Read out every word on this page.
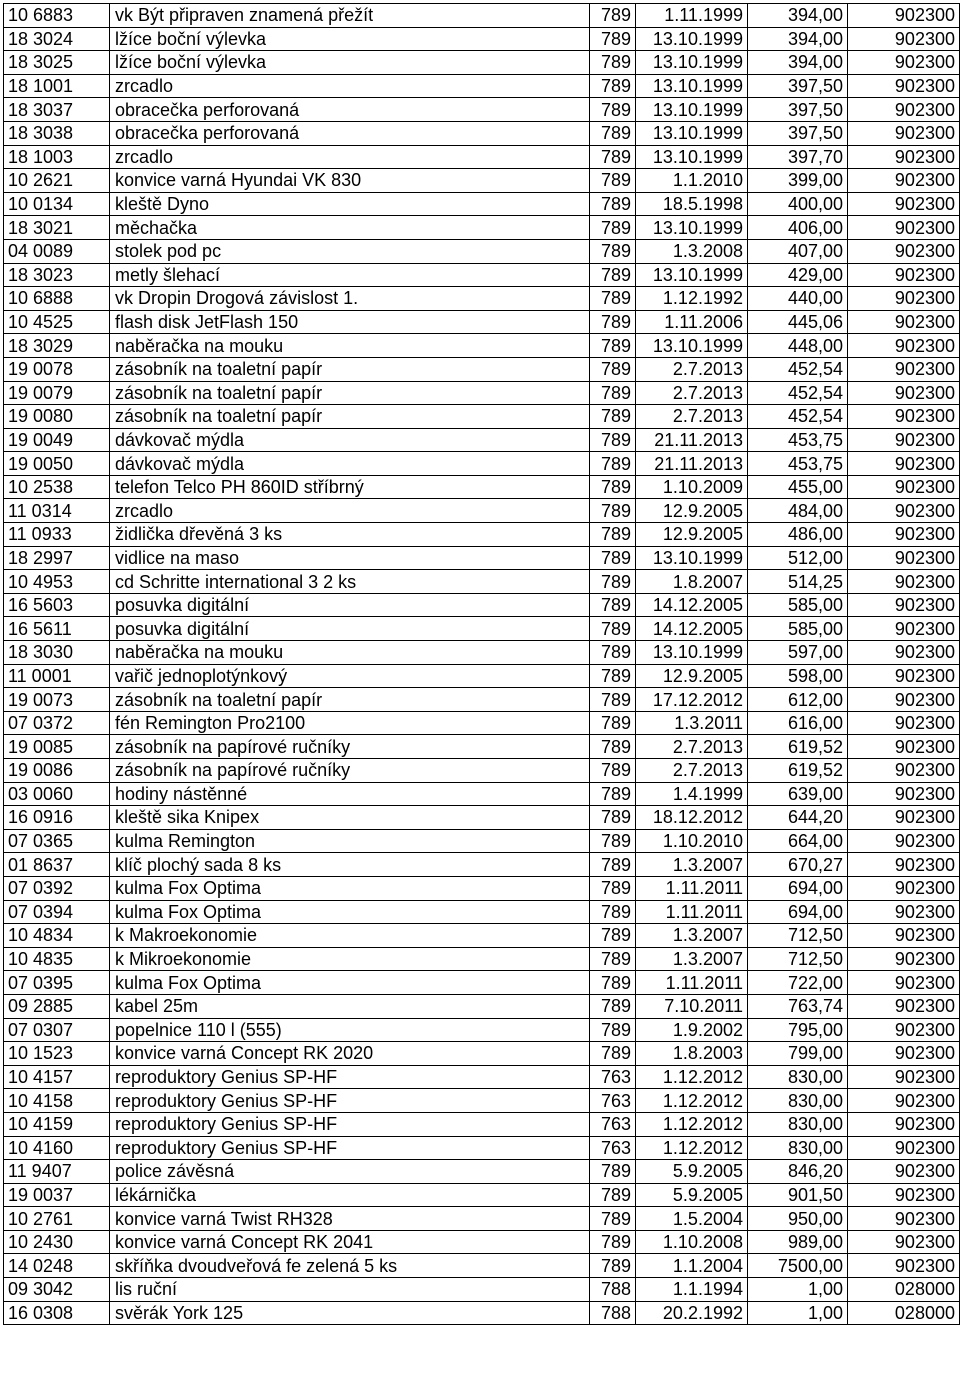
10 6883	vk Být připraven znamená přežít	789	1.11.1999	394,00	902300
18 3024	lžíce boční výlevka	789	13.10.1999	394,00	902300
18 3025	lžíce boční výlevka	789	13.10.1999	394,00	902300
18 1001	zrcadlo	789	13.10.1999	397,50	902300
18 3037	obracečka perforovaná	789	13.10.1999	397,50	902300
18 3038	obracečka perforovaná	789	13.10.1999	397,50	902300
18 1003	zrcadlo	789	13.10.1999	397,70	902300
10 2621	konvice varná Hyundai VK 830	789	1.1.2010	399,00	902300
10 0134	kleště Dyno	789	18.5.1998	400,00	902300
18 3021	měchačka	789	13.10.1999	406,00	902300
04 0089	stolek pod pc	789	1.3.2008	407,00	902300
18 3023	metly šlehací	789	13.10.1999	429,00	902300
10 6888	vk Dropin Drogová závislost 1.	789	1.12.1992	440,00	902300
10 4525	flash disk JetFlash 150	789	1.11.2006	445,06	902300
18 3029	naběračka na mouku	789	13.10.1999	448,00	902300
19 0078	zásobník na toaletní papír	789	2.7.2013	452,54	902300
19 0079	zásobník na toaletní papír	789	2.7.2013	452,54	902300
19 0080	zásobník na toaletní papír	789	2.7.2013	452,54	902300
19 0049	dávkovač mýdla	789	21.11.2013	453,75	902300
19 0050	dávkovač mýdla	789	21.11.2013	453,75	902300
10 2538	telefon Telco PH 860ID stříbrný	789	1.10.2009	455,00	902300
11 0314	zrcadlo	789	12.9.2005	484,00	902300
11 0933	židlička dřevěná 3 ks	789	12.9.2005	486,00	902300
18 2997	vidlice na maso	789	13.10.1999	512,00	902300
10 4953	cd Schritte international 3 2 ks	789	1.8.2007	514,25	902300
16 5603	posuvka digitální	789	14.12.2005	585,00	902300
16 5611	posuvka digitální	789	14.12.2005	585,00	902300
18 3030	naběračka na mouku	789	13.10.1999	597,00	902300
11 0001	vařič jednoplotýnkový	789	12.9.2005	598,00	902300
19 0073	zásobník na toaletní papír	789	17.12.2012	612,00	902300
07 0372	fén Remington Pro2100	789	1.3.2011	616,00	902300
19 0085	zásobník na papírové ručníky	789	2.7.2013	619,52	902300
19 0086	zásobník na papírové ručníky	789	2.7.2013	619,52	902300
03 0060	hodiny nástěnné	789	1.4.1999	639,00	902300
16 0916	kleště sika Knipex	789	18.12.2012	644,20	902300
07 0365	kulma Remington	789	1.10.2010	664,00	902300
01 8637	klíč plochý sada 8 ks	789	1.3.2007	670,27	902300
07 0392	kulma Fox Optima	789	1.11.2011	694,00	902300
07 0394	kulma Fox Optima	789	1.11.2011	694,00	902300
10 4834	k Makroekonomie	789	1.3.2007	712,50	902300
10 4835	k Mikroekonomie	789	1.3.2007	712,50	902300
07 0395	kulma Fox Optima	789	1.11.2011	722,00	902300
09 2885	kabel 25m	789	7.10.2011	763,74	902300
07 0307	popelnice 110 l (555)	789	1.9.2002	795,00	902300
10 1523	konvice varná Concept RK 2020	789	1.8.2003	799,00	902300
10 4157	reproduktory Genius SP-HF	763	1.12.2012	830,00	902300
10 4158	reproduktory Genius SP-HF	763	1.12.2012	830,00	902300
10 4159	reproduktory Genius SP-HF	763	1.12.2012	830,00	902300
10 4160	reproduktory Genius SP-HF	763	1.12.2012	830,00	902300
11 9407	police závěsná	789	5.9.2005	846,20	902300
19 0037	lékárnička	789	5.9.2005	901,50	902300
10 2761	konvice varná Twist RH328	789	1.5.2004	950,00	902300
10 2430	konvice varná Concept RK 2041	789	1.10.2008	989,00	902300
14 0248	skříňka dvoudveřová fe zelená 5 ks	789	1.1.2004	7500,00	902300
09 3042	lis ruční	788	1.1.1994	1,00	028000
16 0308	svěrák York 125	788	20.2.1992	1,00	028000
